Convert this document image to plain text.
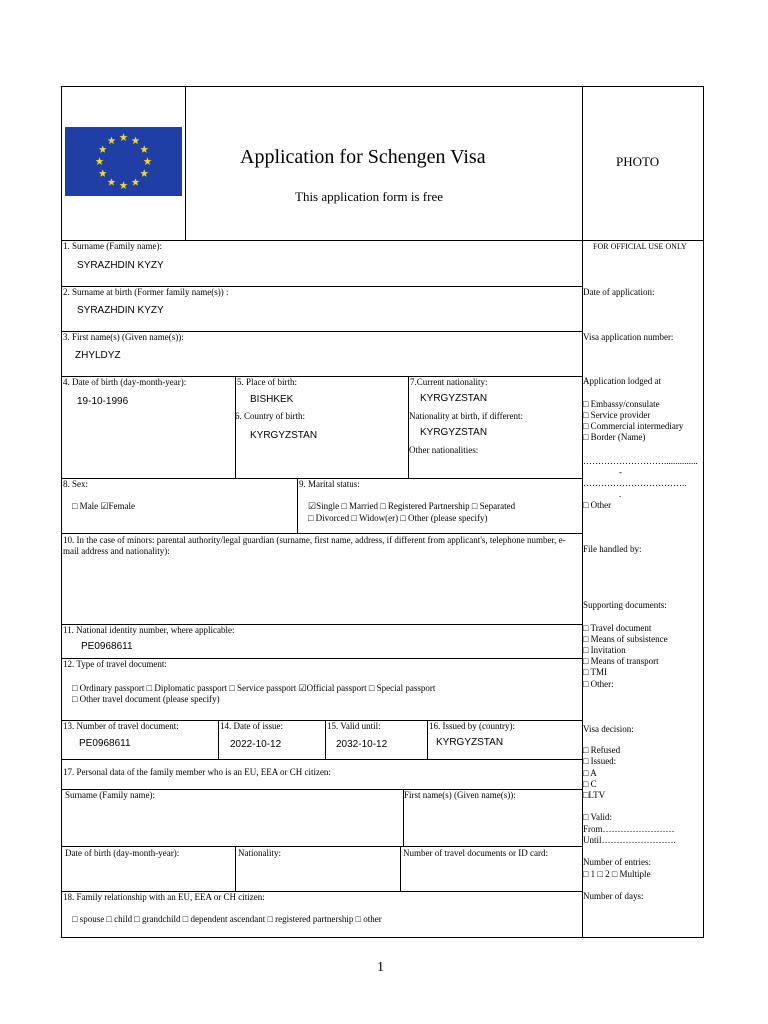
Application for Schengen Visa
This application form is free
PHOTO
1. Surname (Family name):
SYRAZHDIN KYZY
2. Surname at birth (Former family name(s)) :
SYRAZHDIN KYZY
3. First name(s) (Given name(s)):
ZHYLDYZ
4. Date of birth (day-month-year):
19-10-1996
5. Place of birth:
BISHKEK
6. Country of birth:
KYRGYZSTAN
7.Current nationality:
KYRGYZSTAN
Nationality at birth, if different:
KYRGYZSTAN
Other nationalities:
8. Sex:
□ Male ☑Female
9. Marital status:
☑Single □ Married □ Registered Partnership □ Separated
□ Divorced □ Widow(er) □ Other (please specify)
10. In the case of minors: parental authority/legal guardian (surname, first name, address, if different from applicant's, telephone number, e-mail address and nationality):
11. National identity number, where applicable:
PE0968611
12. Type of travel document:
□ Ordinary passport □ Diplomatic passport □ Service passport ☑Official passport □ Special passport
□ Other travel document (please specify)
13. Number of travel document:
PE0968611
14. Date of issue:
2022-10-12
15. Valid until:
2032-10-12
16. Issued by (country):
KYRGYZSTAN
17. Personal data of the family member who is an EU, EEA or CH citizen:
Surname (Family name):	First name(s) (Given name(s)):
Date of birth (day-month-year):	Nationality:	Number of travel documents or ID card:
18. Family relationship with an EU, EEA or CH citizen:
□ spouse □ child □ grandchild □ dependent ascendant □ registered partnership □ other
FOR OFFICIAL USE ONLY
Date of application:
Visa application number:
Application lodged at
□ Embassy/consulate
□ Service provider
□ Commercial intermediary
□ Border (Name)
………………………...............
-
……………………………..
.
□ Other
File handled by:
Supporting documents:
□ Travel document
□ Means of subsistence
□ Invitation
□ Means of transport
□ TMI
□ Other:
Visa decision:
□ Refused
□ Issued:
□ A
□ C
□LTV
□ Valid:
From……………………
Until…………………….
Number of entries:
□ 1 □ 2 □ Multiple
Number of days:
1
